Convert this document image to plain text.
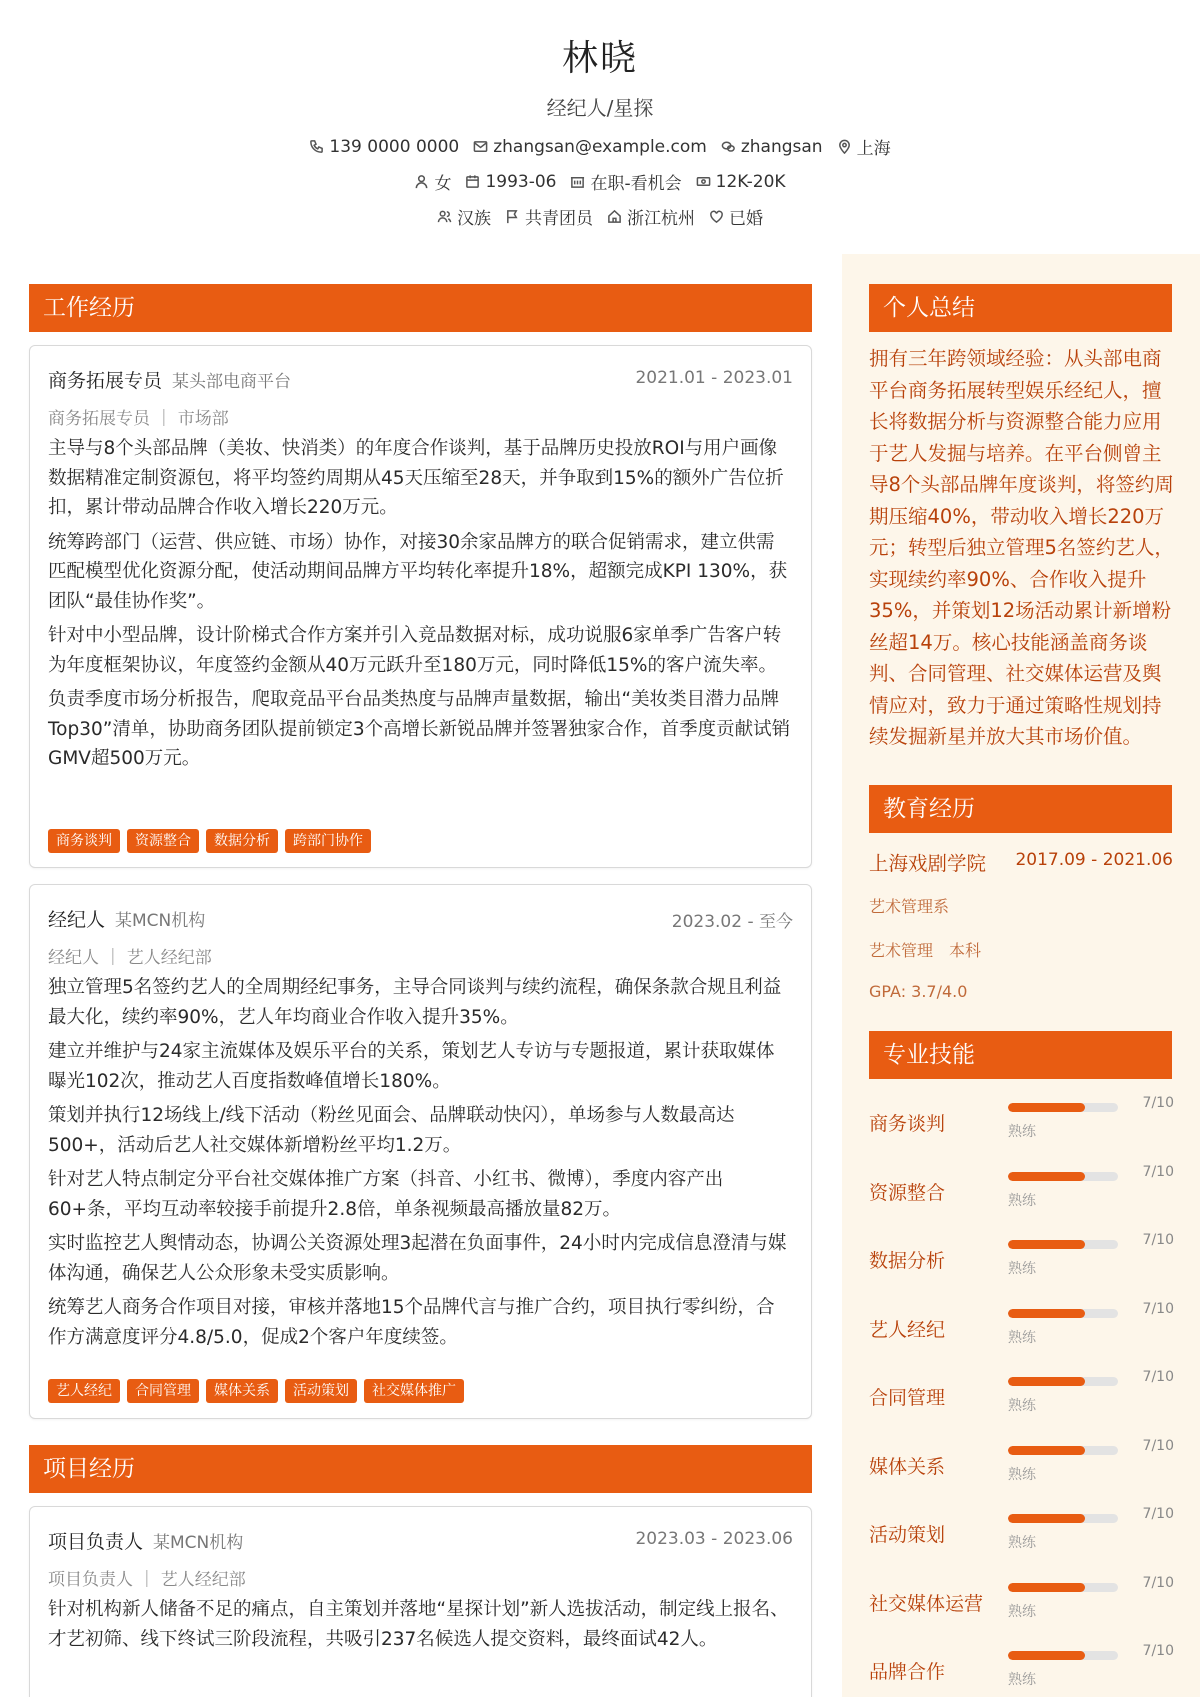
林晓
经纪人/星探
139 0000 0000 zhangsan@example.com zhangsan 上海
女 1993-06 在职-看机会 12K-20K
汉族 共青团员 浙江杭州 已婚
工作经历
商务拓展专员 某头部电商平台	2021.01 - 2023.01
商务拓展专员 ｜ 市场部

主导与8个头部品牌（美妆、快消类）的年度合作谈判，基于品牌历史投放ROI与用户画像数据精准定制资源包，将平均签约周期从45天压缩至28天，并争取到15%的额外广告位折扣，累计带动品牌合作收入增长220万元。

统筹跨部门（运营、供应链、市场）协作，对接30余家品牌方的联合促销需求，建立供需匹配模型优化资源分配，使活动期间品牌方平均转化率提升18%，超额完成KPI 130%，获团队“最佳协作奖”。

针对中小型品牌，设计阶梯式合作方案并引入竞品数据对标，成功说服6家单季广告客户转为年度框架协议，年度签约金额从40万元跃升至180万元，同时降低15%的客户流失率。

负责季度市场分析报告，爬取竞品平台品类热度与品牌声量数据，输出“美妆类目潜力品牌Top30”清单，协助商务团队提前锁定3个高增长新锐品牌并签署独家合作，首季度贡献试销GMV超500万元。

商务谈判	资源整合	数据分析	跨部门协作
经纪人 某MCN机构	2023.02 - 至今
经纪人 ｜ 艺人经纪部

独立管理5名签约艺人的全周期经纪事务，主导合同谈判与续约流程，确保条款合规且利益最大化，续约率90%，艺人年均商业合作收入提升35%。

建立并维护与24家主流媒体及娱乐平台的关系，策划艺人专访与专题报道，累计获取媒体曝光102次，推动艺人百度指数峰值增长180%。

策划并执行12场线上/线下活动（粉丝见面会、品牌联动快闪），单场参与人数最高达500+，活动后艺人社交媒体新增粉丝平均1.2万。

针对艺人特点制定分平台社交媒体推广方案（抖音、小红书、微博），季度内容产出60+条，平均互动率较接手前提升2.8倍，单条视频最高播放量82万。

实时监控艺人舆情动态，协调公关资源处理3起潜在负面事件，24小时内完成信息澄清与媒体沟通，确保艺人公众形象未受实质影响。

统筹艺人商务合作项目对接，审核并落地15个品牌代言与推广合约，项目执行零纠纷，合作方满意度评分4.8/5.0，促成2个客户年度续签。

艺人经纪	合同管理	媒体关系	活动策划	社交媒体推广
项目经历
项目负责人 某MCN机构	2023.03 - 2023.06
项目负责人 ｜ 艺人经纪部

针对机构新人储备不足的痛点，自主策划并落地“星探计划”新人选拔活动，制定线上报名、才艺初筛、线下终试三阶段流程，共吸引237名候选人提交资料，最终面试42人。

个人总结
拥有三年跨领域经验：从头部电商平台商务拓展转型娱乐经纪人，擅长将数据分析与资源整合能力应用于艺人发掘与培养。在平台侧曾主导8个头部品牌年度谈判，将签约周期压缩40%，带动收入增长220万元；转型后独立管理5名签约艺人，实现续约率90%、合作收入提升35%，并策划12场活动累计新增粉丝超14万。核心技能涵盖商务谈判、合同管理、社交媒体运营及舆情应对，致力于通过策略性规划持续发掘新星并放大其市场价值。
教育经历
上海戏剧学院 2017.09 - 2021.06
艺术管理系
艺术管理　本科
GPA: 3.7/4.0
专业技能
商务谈判
7/10
熟练
资源整合
7/10
熟练
数据分析
7/10
熟练
艺人经纪
7/10
熟练
合同管理
7/10
熟练
媒体关系
7/10
熟练
活动策划
7/10
熟练
社交媒体运营
7/10
熟练
品牌合作
7/10
熟练
